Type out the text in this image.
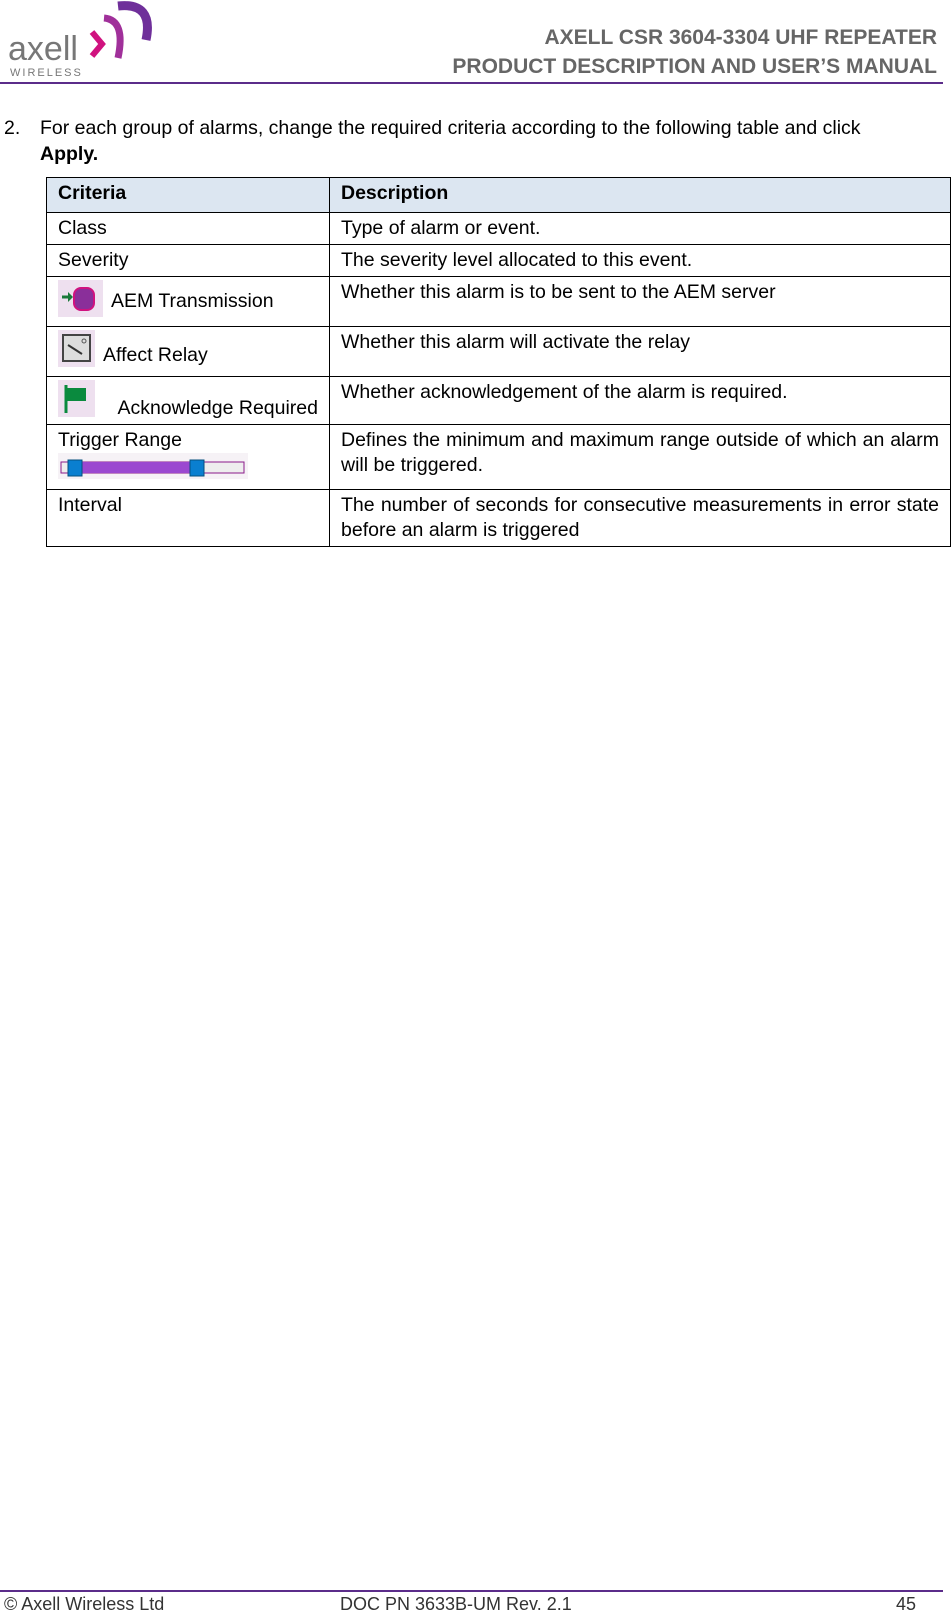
axell
WIRELESS
AXELL CSR 3604-3304 UHF REPEATER
PRODUCT DESCRIPTION AND USER’S MANUAL
2. For each group of alarms, change the required criteria according to the following table and click Apply.
Criteria	Description
Class	Type of alarm or event.
Severity	The severity level allocated to this event.
AEM Transmission	Whether this alarm is to be sent to the AEM server
Affect Relay	Whether this alarm will activate the relay

Acknowledge Required	Whether acknowledgement of the alarm is required.

Trigger Range	Defines the minimum and maximum range outside of which an alarm will be triggered.
Interval	The number of seconds for consecutive measurements in error state before an alarm is triggered
© Axell Wireless Ltd	DOC PN 3633B-UM Rev. 2.1	45
